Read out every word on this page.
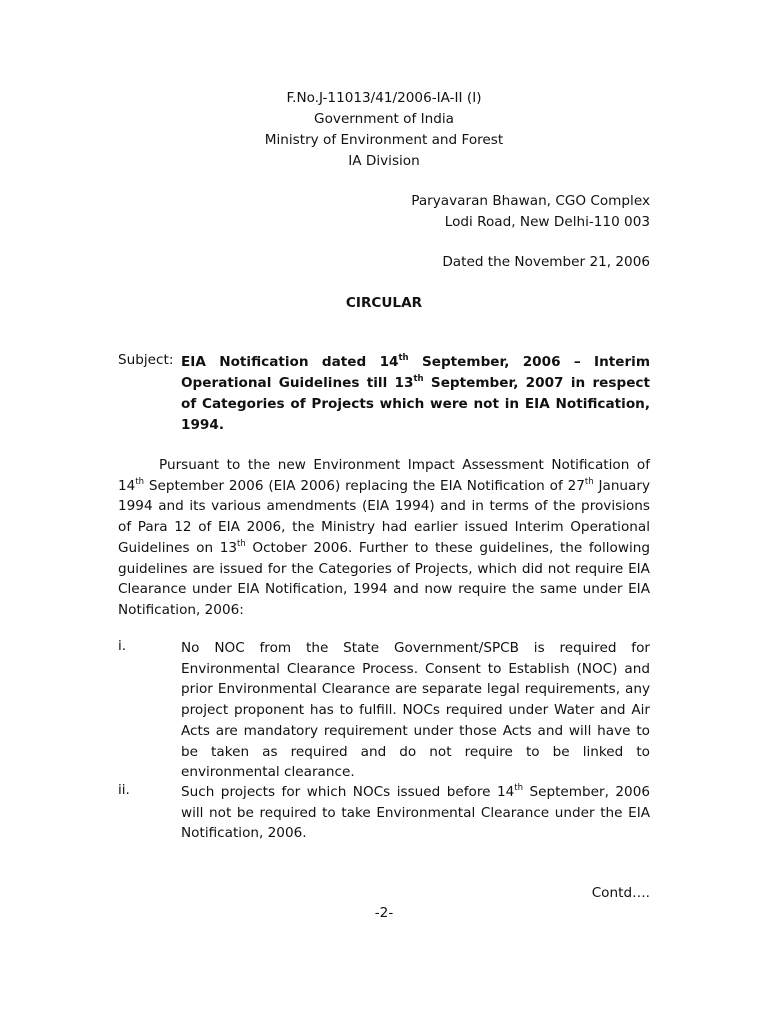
F.No.J-11013/41/2006-IA-II (I)
Government of India
Ministry of Environment and Forest
IA Division
Paryavaran Bhawan, CGO Complex
Lodi Road, New Delhi-110 003
Dated the November 21, 2006
CIRCULAR
Subject: EIA Notification dated 14th September, 2006 – Interim Operational Guidelines till 13th September, 2007 in respect of Categories of Projects which were not in EIA Notification, 1994.
Pursuant to the new Environment Impact Assessment Notification of 14th September 2006 (EIA 2006) replacing the EIA Notification of 27th January 1994 and its various amendments (EIA 1994) and in terms of the provisions of Para 12 of EIA 2006, the Ministry had earlier issued Interim Operational Guidelines on 13th October 2006. Further to these guidelines, the following guidelines are issued for the Categories of Projects, which did not require EIA Clearance under EIA Notification, 1994 and now require the same under EIA Notification, 2006:
i.	No NOC from the State Government/SPCB is required for Environmental Clearance Process. Consent to Establish (NOC) and prior Environmental Clearance are separate legal requirements, any project proponent has to fulfill. NOCs required under Water and Air Acts are mandatory requirement under those Acts and will have to be taken as required and do not require to be linked to environmental clearance.
ii.	Such projects for which NOCs issued before 14th September, 2006 will not be required to take Environmental Clearance under the EIA Notification, 2006.
Contd….
-2-
